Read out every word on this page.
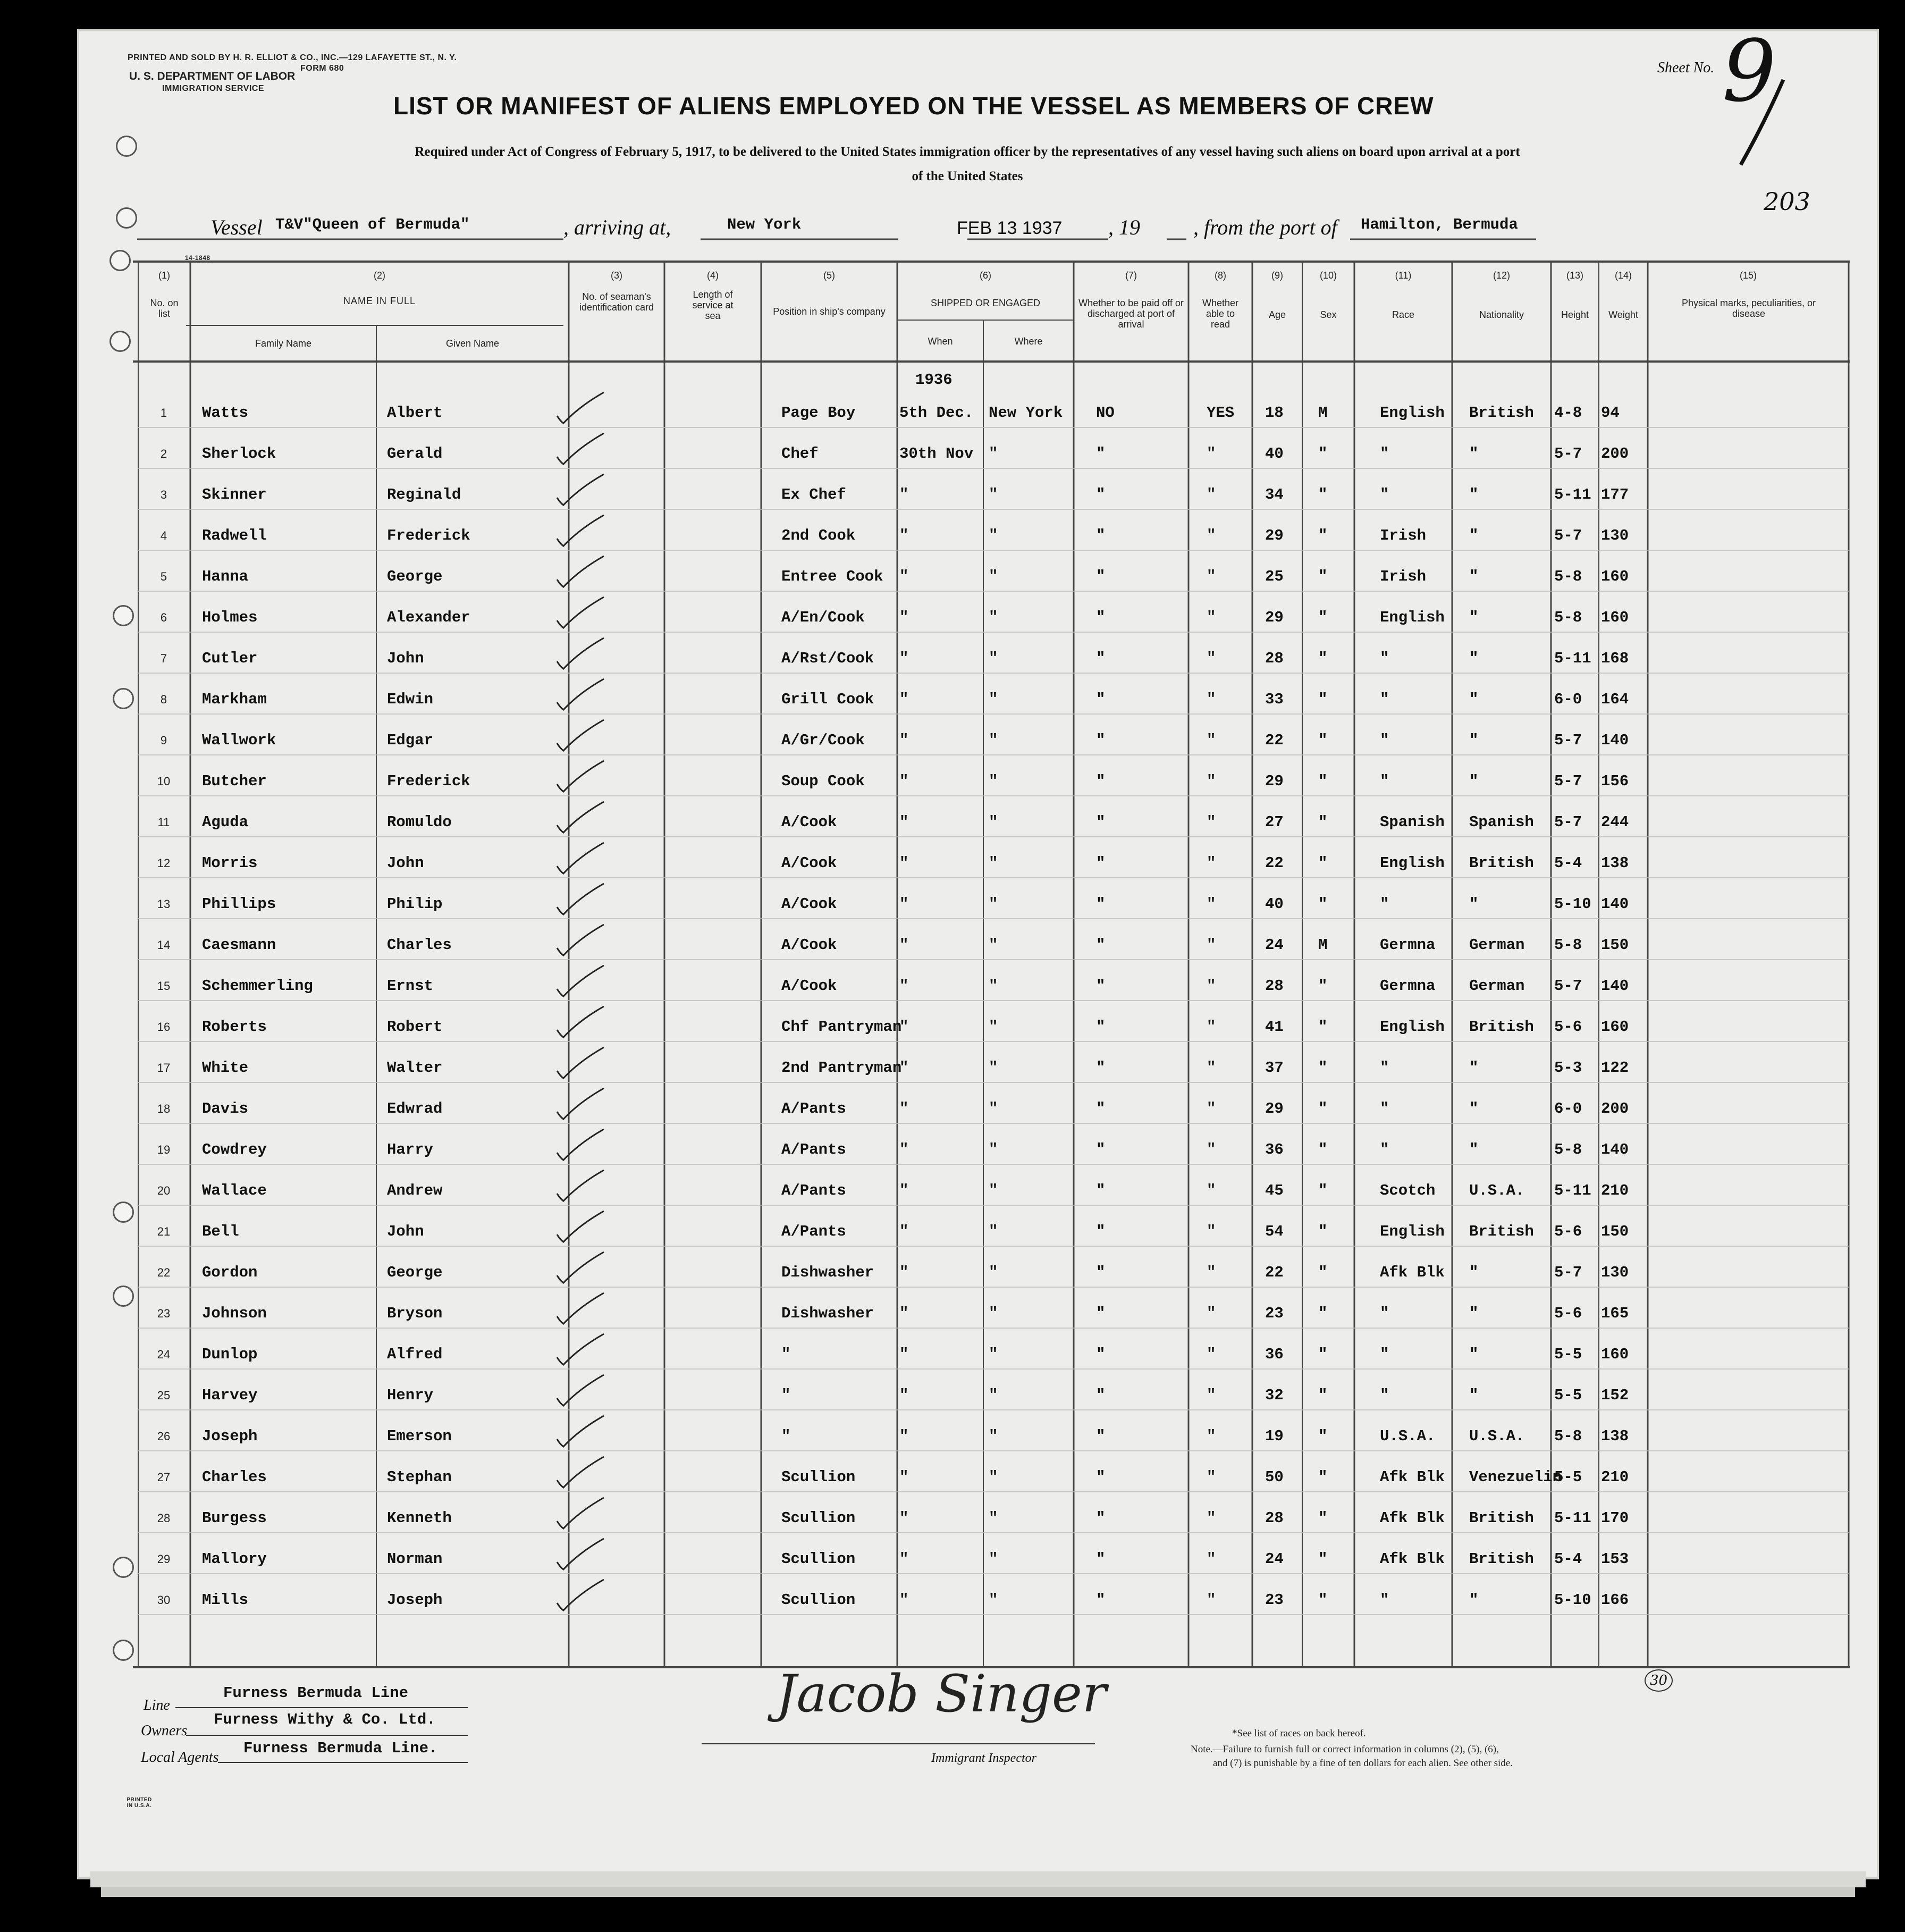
PRINTED AND SOLD BY H. R. ELLIOT & CO., INC.—129 LAFAYETTE ST., N. Y.
FORM 680
U. S. DEPARTMENT OF LABOR
IMMIGRATION SERVICE
14-1848
Sheet No. 9
203
LIST OR MANIFEST OF ALIENS EMPLOYED ON THE VESSEL AS MEMBERS OF CREW
Required under Act of Congress of February 5, 1917, to be delivered to the United States immigration officer by the representatives of any vessel having such aliens on board upon arrival at a port
of the United States
Vessel T&V"Queen of Bermuda"	, arriving at,	New York	FEB 13 1937 , 19	, from the port of Hamilton, Bermuda
(1)
No. on list
(2)
NAME IN FULL
Family Name	Given Name
(3)
No. of seaman's identification card
(4)
Length of service at sea
(5)
Position in ship's company
(6)
SHIPPED OR ENGAGED
When	Where
(7)
Whether to be paid off or discharged at port of arrival
(8)
Whether able to read
(9)
Age
(10)
Sex
(11)
Race
(12)
Nationality
(13)
Height
(14)
Weight
(15)
Physical marks, peculiarities, or disease
1936
1	Watts	Albert	Page Boy	5th Dec. New York NO	YES 18 M	English British 4-8 94
2	Sherlock	Gerald	Chef	30th Nov "	"	"	40 "	"	"	5-7 200
3	Skinner	Reginald	Ex Chef	"	"	"	"	34 "	"	"	5-11 177
4	Radwell	Frederick	2nd Cook	"	"	"	"	29 "	Irish	"	5-7 130
5	Hanna	George	Entree Cook "	"	"	"	25 "	Irish	"	5-8 160
6	Holmes	Alexander	A/En/Cook "	"	"	"	29 "	English "	5-8 160
7	Cutler	John	A/Rst/Cook "	"	"	"	28 "	"	"	5-11 168
8	Markham	Edwin	Grill Cook "	"	"	"	33 "	"	"	6-0 164
9	Wallwork	Edgar	A/Gr/Cook "	"	"	"	22 "	"	"	5-7 140
10	Butcher	Frederick	Soup Cook "	"	"	"	29 "	"	"	5-7 156
11	Aguda	Romuldo	A/Cook	"	"	"	"	27 "	Spanish Spanish 5-7 244
12	Morris	John	A/Cook	"	"	"	"	22 "	English British 5-4 138
13	Phillips	Philip	A/Cook	"	"	"	"	40 "	"	"	5-10 140
14	Caesmann	Charles	A/Cook	"	"	"	"	24 M	Germna German 5-8 150
15	Schemmerling	Ernst	A/Cook	"	"	"	"	28 "	Germna German 5-7 140
16	Roberts	Robert	Chf Pantryman
"	"	"	"	41 "	English British 5-6 160
17	White	Walter	2nd Pantryman
"	"	"	"	37 "	"	"	5-3 122
18	Davis	Edwrad	A/Pants	"	"	"	"	29 "	"	"	6-0 200
19	Cowdrey	Harry	A/Pants	"	"	"	"	36 "	"	"	5-8 140
20	Wallace	Andrew	A/Pants	"	"	"	"	45 "	Scotch U.S.A. 5-11 210
21	Bell	John	A/Pants	"	"	"	"	54 "	English British 5-6 150
22	Gordon	George	Dishwasher "	"	"	"	22 "	Afk Blk "	5-7 130
23	Johnson	Bryson	Dishwasher "	"	"	"	23 "	"	"	5-6 165
24	Dunlop	Alfred	"	"	"	"	"	36 "	"	"	5-5 160
25	Harvey	Henry	"	"	"	"	"	32 "	"	"	5-5 152
26	Joseph	Emerson	"	"	"	"	"	19 "	U.S.A. U.S.A. 5-8 138
27	Charles	Stephan	Scullion	"	"	"	"	50 "	Afk Blk Venezuelin
5-5 210
28	Burgess	Kenneth	Scullion	"	"	"	"	28 "	Afk Blk British 5-11 170
29	Mallory	Norman	Scullion	"	"	"	"	24 "	Afk Blk British 5-4 153
30	Mills	Joseph	Scullion	"	"	"	"	23 "	"	"	5-10 166
Line
Furness Bermuda Line
Owners
Furness Withy & Co. Ltd.
Local Agents
Furness Bermuda Line.
Jacob Singer
Immigrant Inspector
*See list of races on back hereof.
Note.—Failure to furnish full or correct information in columns (2), (5), (6),
and (7) is punishable by a fine of ten dollars for each alien. See other side.
30
PRINTED IN U.S.A.
